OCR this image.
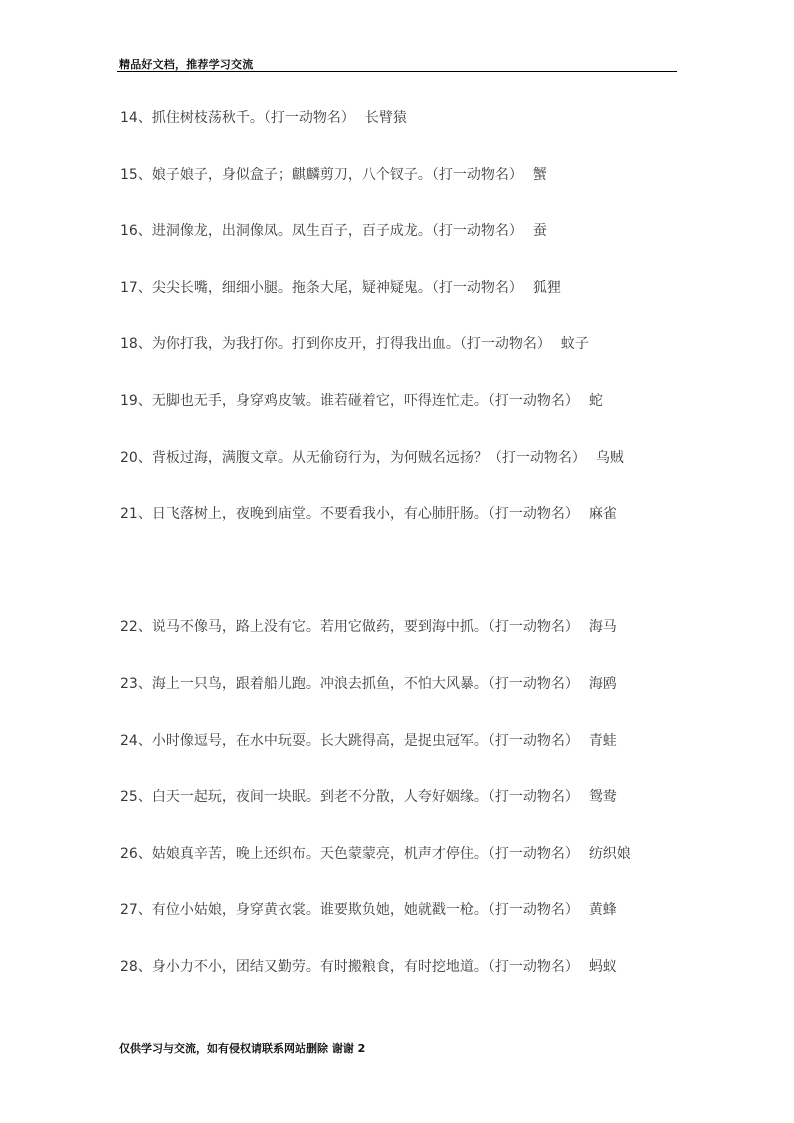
精品好文档，推荐学习交流
14、抓住树枝荡秋千。（打一动物名） 长臂猿
15、娘子娘子，身似盒子；麒麟剪刀，八个钗子。（打一动物名） 蟹
16、进洞像龙，出洞像凤。凤生百子，百子成龙。（打一动物名） 蚕
17、尖尖长嘴，细细小腿。拖条大尾，疑神疑鬼。（打一动物名） 狐狸
18、为你打我，为我打你。打到你皮开，打得我出血。（打一动物名） 蚊子
19、无脚也无手，身穿鸡皮皱。谁若碰着它，吓得连忙走。（打一动物名） 蛇
20、背板过海，满腹文章。从无偷窃行为，为何贼名远扬？（打一动物名） 乌贼
21、日飞落树上，夜晚到庙堂。不要看我小，有心肺肝肠。（打一动物名） 麻雀
22、说马不像马，路上没有它。若用它做药，要到海中抓。（打一动物名） 海马
23、海上一只鸟，跟着船儿跑。冲浪去抓鱼，不怕大风暴。（打一动物名） 海鸥
24、小时像逗号，在水中玩耍。长大跳得高，是捉虫冠军。（打一动物名） 青蛙
25、白天一起玩，夜间一块眠。到老不分散，人夸好姻缘。（打一动物名） 鸳鸯
26、姑娘真辛苦，晚上还织布。天色蒙蒙亮，机声才停住。（打一动物名） 纺织娘
27、有位小姑娘，身穿黄衣裳。谁要欺负她，她就戳一枪。（打一动物名） 黄蜂
28、身小力不小，团结又勤劳。有时搬粮食，有时挖地道。（打一动物名） 蚂蚁
仅供学习与交流，如有侵权请联系网站删除 谢谢 2
